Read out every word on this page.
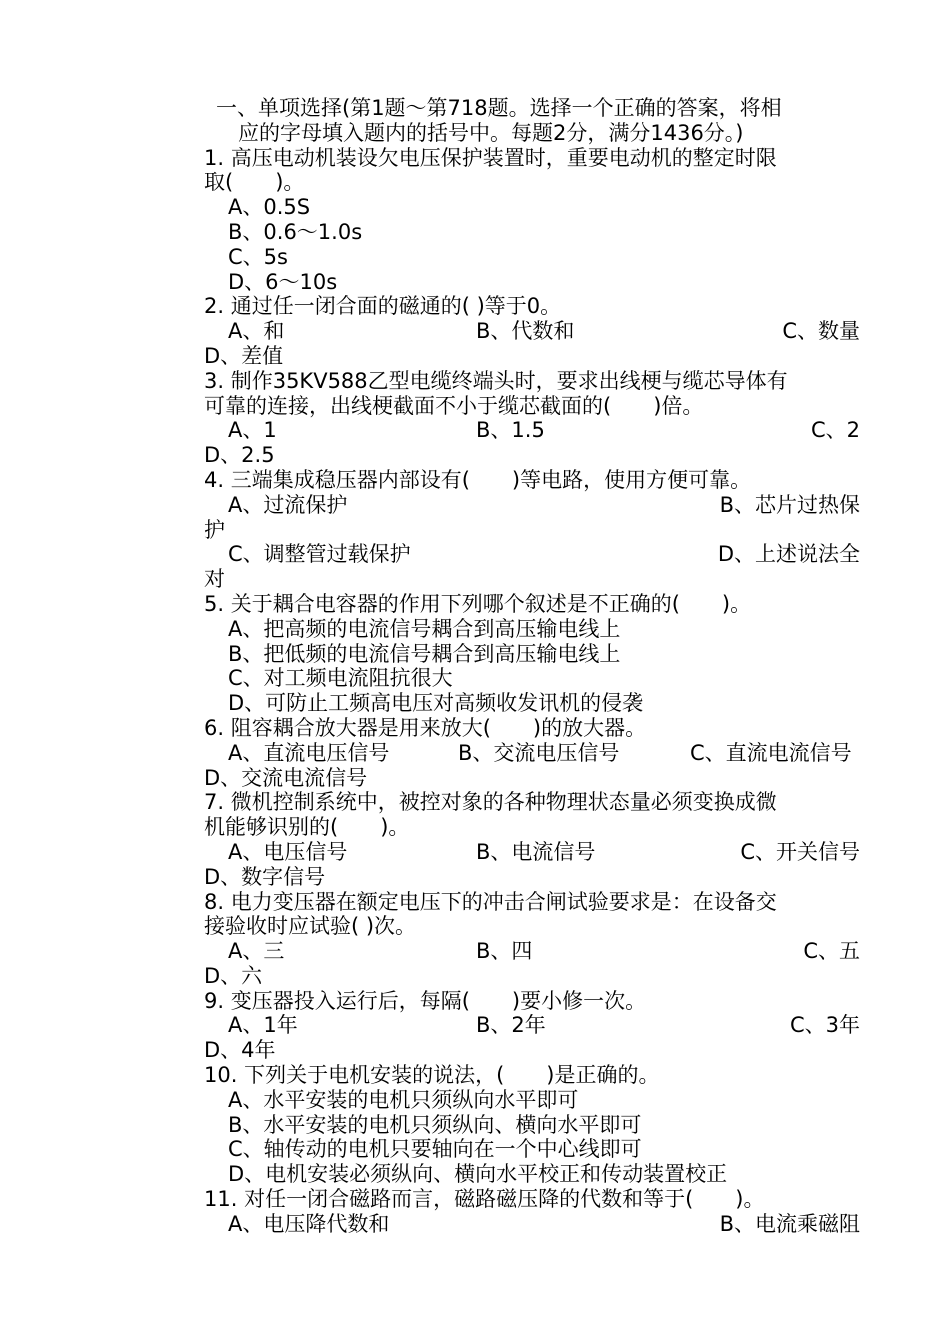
一、单项选择(第1题～第718题。选择一个正确的答案，将相
应的字母填入题内的括号中。每题2分，满分1436分。)
1. 高压电动机装设欠电压保护装置时，重要电动机的整定时限
取(　　)。
A、0.5S
B、0.6～1.0s
C、5s
D、6～10s
2. 通过任一闭合面的磁通的( )等于0。
A、和	B、代数和	C、数量
D、差值
3. 制作35KV588乙型电缆终端头时，要求出线梗与缆芯导体有
可靠的连接，出线梗截面不小于缆芯截面的(　　)倍。
A、1	B、1.5	C、2
D、2.5
4. 三端集成稳压器内部设有(　　)等电路，使用方便可靠。
A、过流保护	B、芯片过热保
护
C、调整管过载保护	D、上述说法全
对
5. 关于耦合电容器的作用下列哪个叙述是不正确的(　　)。
A、把高频的电流信号耦合到高压输电线上
B、把低频的电流信号耦合到高压输电线上
C、对工频电流阻抗很大
D、可防止工频高电压对高频收发讯机的侵袭
6. 阻容耦合放大器是用来放大(　　)的放大器。
A、直流电压信号	B、交流电压信号	C、直流电流信号
D、交流电流信号
7. 微机控制系统中，被控对象的各种物理状态量必须变换成微
机能够识别的(　　)。
A、电压信号	B、电流信号	C、开关信号
D、数字信号
8. 电力变压器在额定电压下的冲击合闸试验要求是：在设备交
接验收时应试验( )次。
A、三	B、四	C、五
D、六
9. 变压器投入运行后，每隔(　　)要小修一次。
A、1年	B、2年	C、3年
D、4年
10. 下列关于电机安装的说法，(　　)是正确的。
A、水平安装的电机只须纵向水平即可
B、水平安装的电机只须纵向、横向水平即可
C、轴传动的电机只要轴向在一个中心线即可
D、电机安装必须纵向、横向水平校正和传动装置校正
11. 对任一闭合磁路而言，磁路磁压降的代数和等于(　　)。
A、电压降代数和	B、电流乘磁阻
